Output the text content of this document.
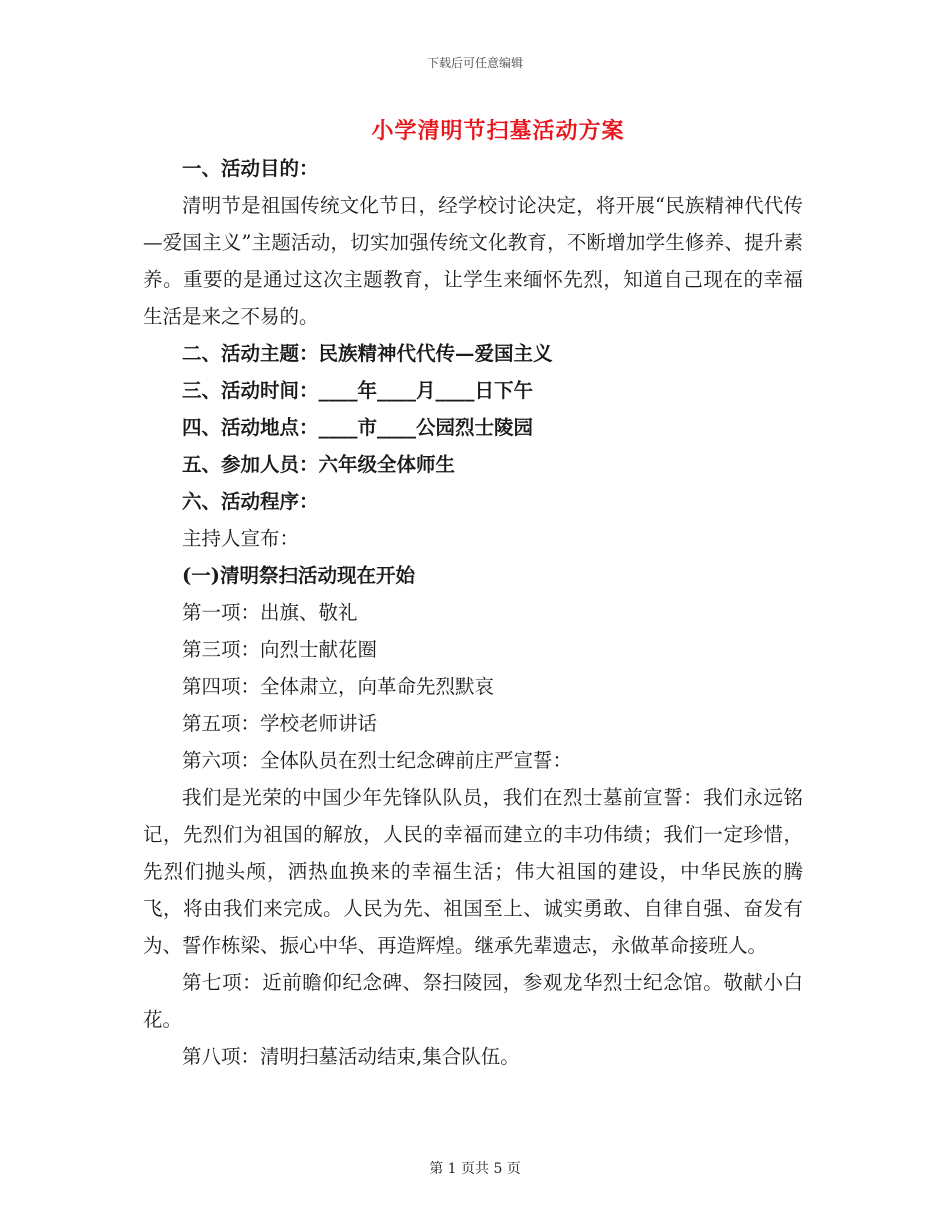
下载后可任意编辑
小学清明节扫墓活动方案

一、活动目的：

清明节是祖国传统文化节日，经学校讨论决定，将开展“民族精神代代传—爱国主义”主题活动，切实加强传统文化教育，不断增加学生修养、提升素养。重要的是通过这次主题教育，让学生来缅怀先烈，知道自己现在的幸福生活是来之不易的。

二、活动主题：民族精神代代传—爱国主义

三、活动时间：____年____月____日下午

四、活动地点：____市____公园烈士陵园

五、参加人员：六年级全体师生

六、活动程序：

主持人宣布：

(一)清明祭扫活动现在开始

第一项：出旗、敬礼

第三项：向烈士献花圈

第四项：全体肃立，向革命先烈默哀

第五项：学校老师讲话

第六项：全体队员在烈士纪念碑前庄严宣誓：

我们是光荣的中国少年先锋队队员，我们在烈士墓前宣誓：我们永远铭记，先烈们为祖国的解放，人民的幸福而建立的丰功伟绩；我们一定珍惜，先烈们抛头颅，洒热血换来的幸福生活；伟大祖国的建设，中华民族的腾飞，将由我们来完成。人民为先、祖国至上、诚实勇敢、自律自强、奋发有为、誓作栋梁、振心中华、再造辉煌。继承先辈遗志，永做革命接班人。

第七项：近前瞻仰纪念碑、祭扫陵园，参观龙华烈士纪念馆。敬献小白花。

第八项：清明扫墓活动结束,集合队伍。

第 1 页共 5 页
